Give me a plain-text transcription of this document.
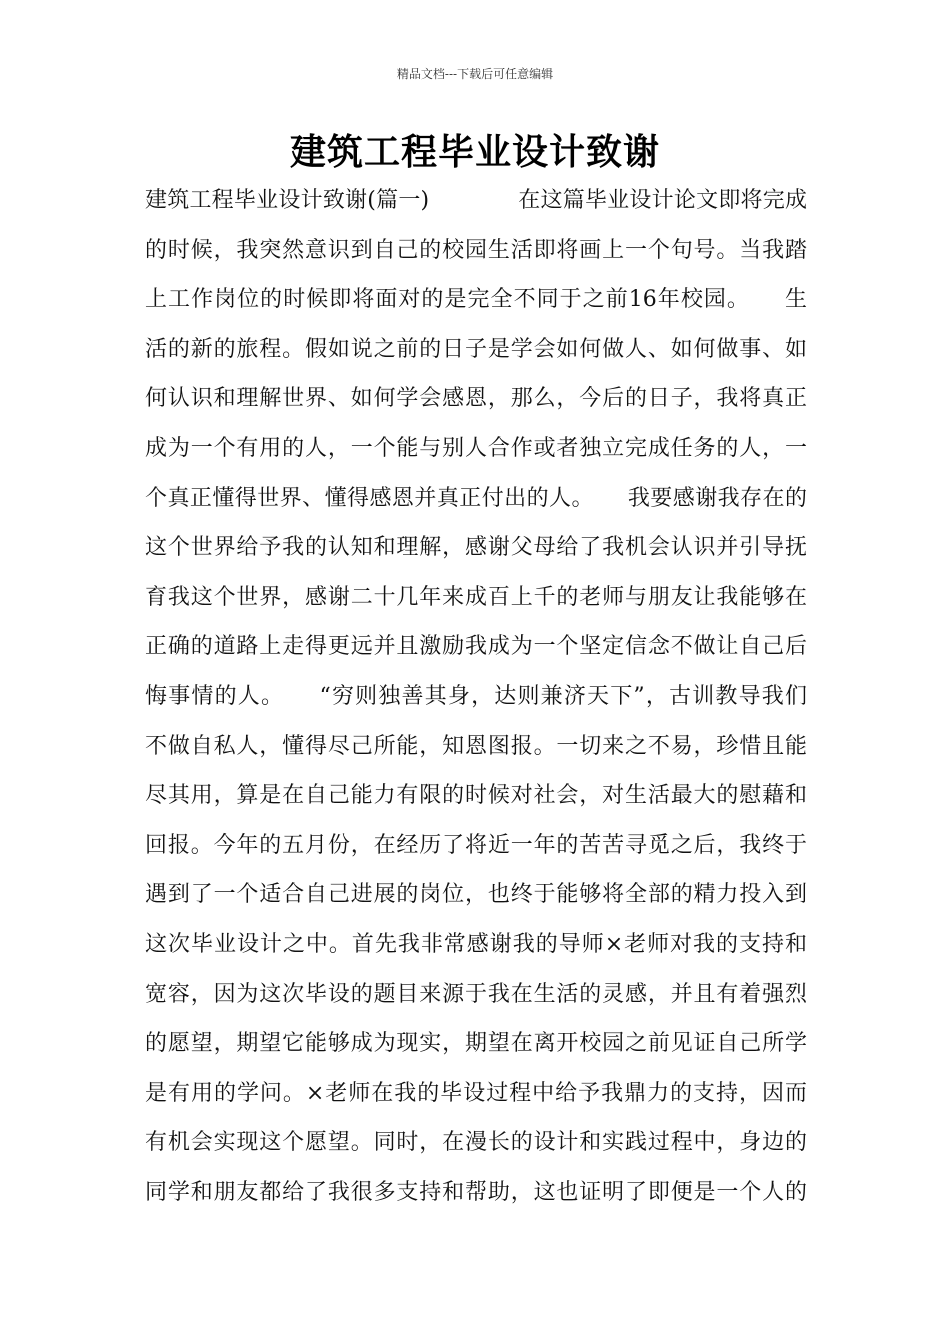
精品文档---下载后可任意编辑
建筑工程毕业设计致谢
建筑工程毕业设计致谢(篇一)　　　　在这篇毕业设计论文即将完成
的时候，我突然意识到自己的校园生活即将画上一个句号。当我踏
上工作岗位的时候即将面对的是完全不同于之前16年校园。　　生
活的新的旅程。假如说之前的日子是学会如何做人、如何做事、如
何认识和理解世界、如何学会感恩，那么，今后的日子，我将真正
成为一个有用的人，一个能与别人合作或者独立完成任务的人，一
个真正懂得世界、懂得感恩并真正付出的人。　　我要感谢我存在的
这个世界给予我的认知和理解，感谢父母给了我机会认识并引导抚
育我这个世界，感谢二十几年来成百上千的老师与朋友让我能够在
正确的道路上走得更远并且激励我成为一个坚定信念不做让自己后
悔事情的人。　　“穷则独善其身，达则兼济天下”，古训教导我们
不做自私人，懂得尽己所能，知恩图报。一切来之不易，珍惜且能
尽其用，算是在自己能力有限的时候对社会，对生活最大的慰藉和
回报。今年的五月份，在经历了将近一年的苦苦寻觅之后，我终于
遇到了一个适合自己进展的岗位，也终于能够将全部的精力投入到
这次毕业设计之中。首先我非常感谢我的导师×老师对我的支持和
宽容，因为这次毕设的题目来源于我在生活的灵感，并且有着强烈
的愿望，期望它能够成为现实，期望在离开校园之前见证自己所学
是有用的学问。×老师在我的毕设过程中给予我鼎力的支持，因而
有机会实现这个愿望。同时，在漫长的设计和实践过程中，身边的
同学和朋友都给了我很多支持和帮助，这也证明了即便是一个人的
